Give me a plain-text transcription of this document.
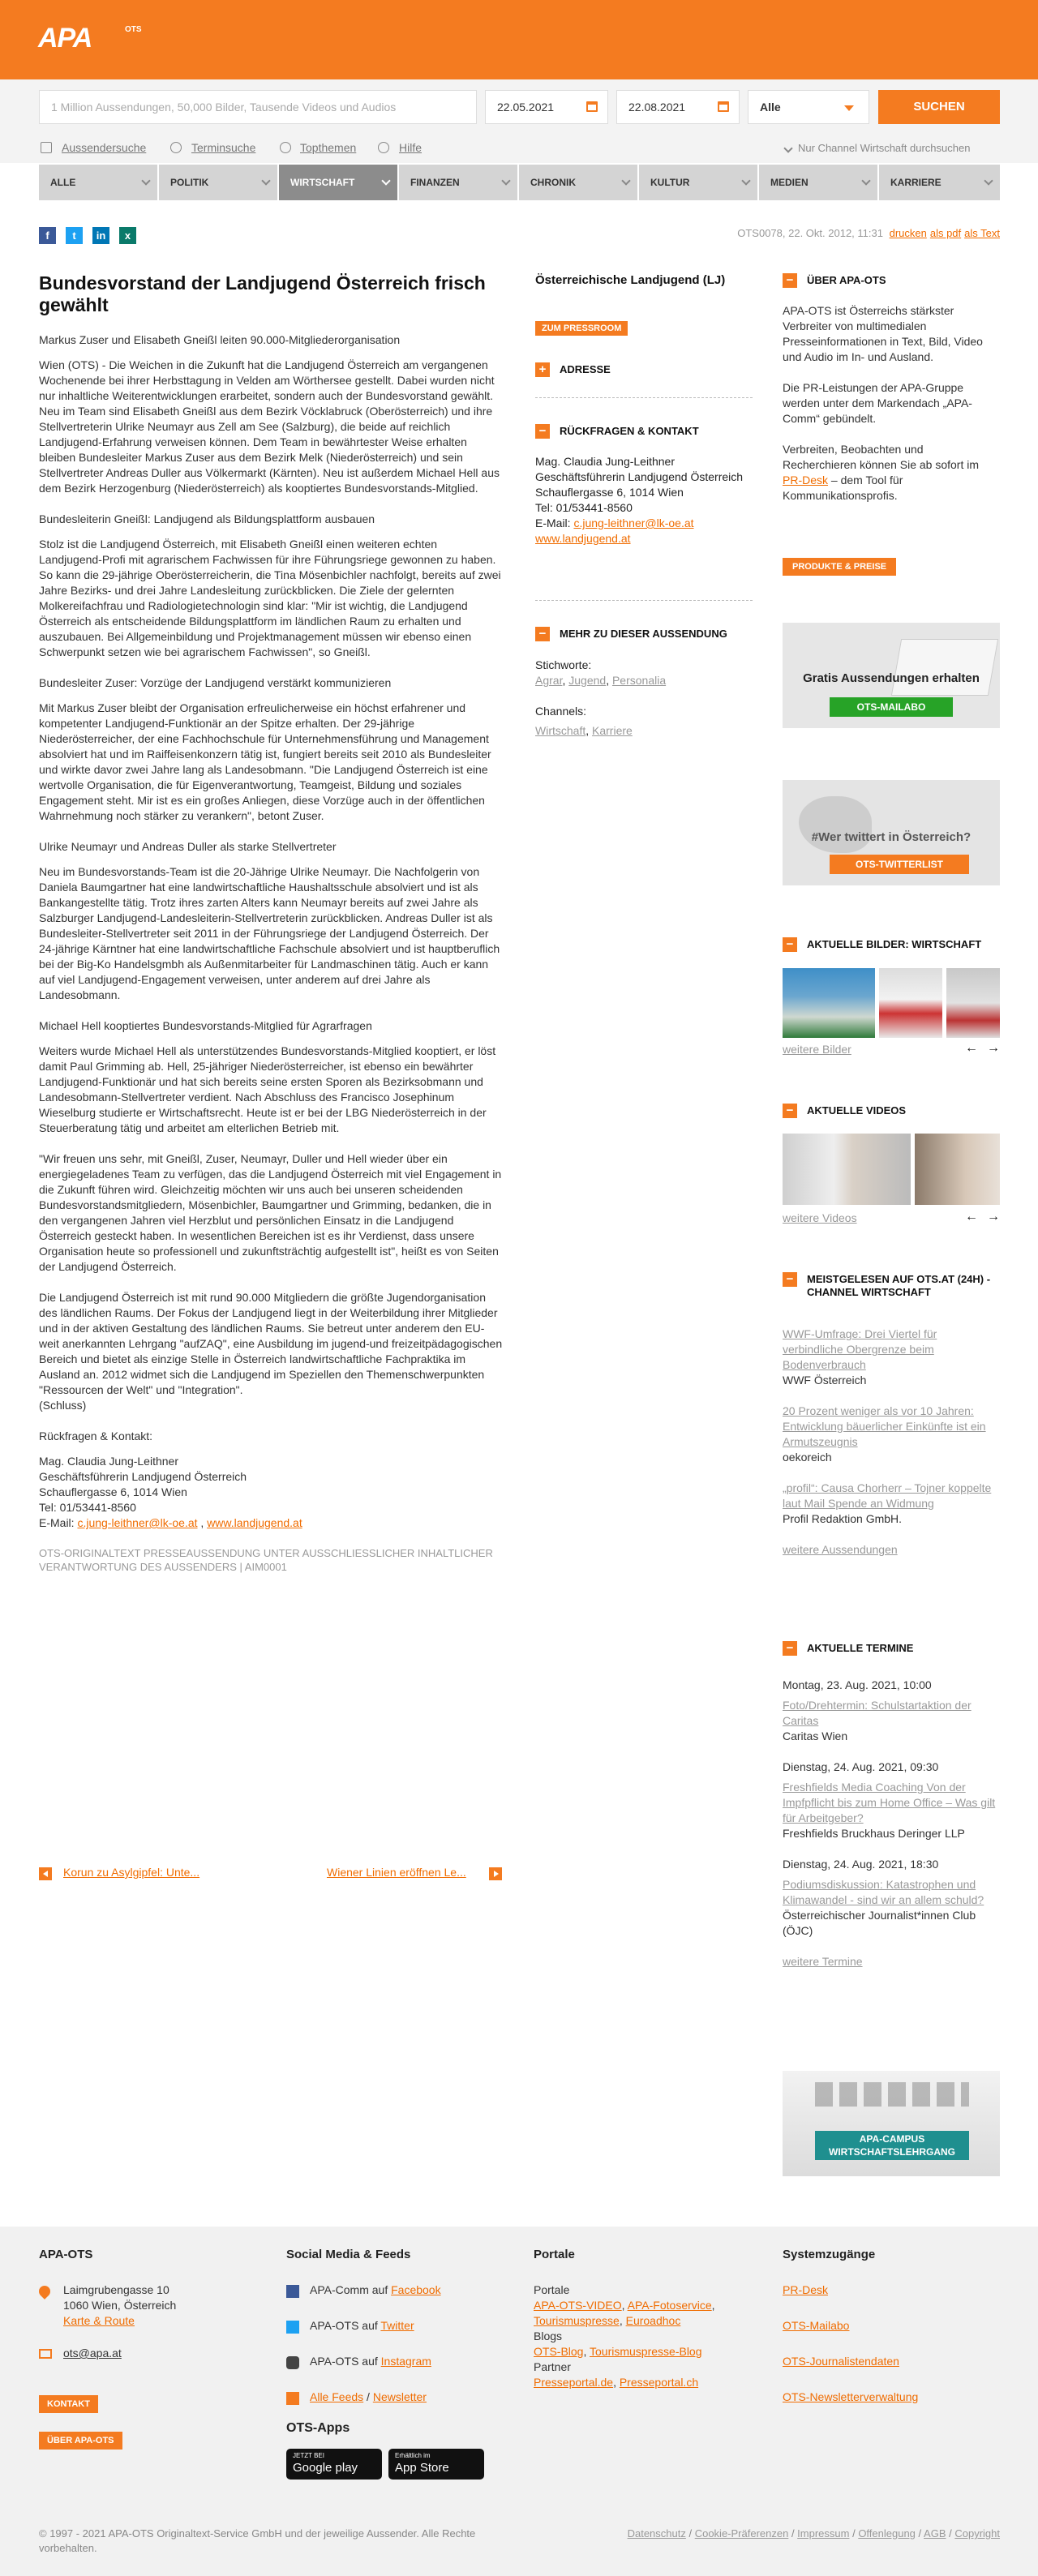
APA	OTS
1 Million Aussendungen, 50,000 Bilder, Tausende Videos und Audios	22.05.2021	22.08.2021	Alle	SUCHEN
Aussendersuche	Terminsuche	Topthemen	Hilfe	Nur Channel Wirtschaft durchsuchen
ALLE	POLITIK	WIRTSCHAFT	FINANZEN	CHRONIK	KULTUR	MEDIEN	KARRIERE
f	t	in	x	OTS0078, 22. Okt. 2012, 11:31 drucken als pdf als Text
Bundesvorstand der Landjugend Österreich frisch gewählt

Markus Zuser und Elisabeth Gneißl leiten 90.000-Mitgliederorganisation

Wien (OTS) - Die Weichen in die Zukunft hat die Landjugend Österreich am vergangenen Wochenende bei ihrer Herbsttagung in Velden am Wörthersee gestellt. Dabei wurden nicht nur inhaltliche Weiterentwicklungen erarbeitet, sondern auch der Bundesvorstand gewählt. Neu im Team sind Elisabeth Gneißl aus dem Bezirk Vöcklabruck (Oberösterreich) und ihre Stellvertreterin Ulrike Neumayr aus Zell am See (Salzburg), die beide auf reichlich Landjugend-Erfahrung verweisen können. Dem Team in bewährtester Weise erhalten bleiben Bundesleiter Markus Zuser aus dem Bezirk Melk (Niederösterreich) und sein Stellvertreter Andreas Duller aus Völkermarkt (Kärnten). Neu ist außerdem Michael Hell aus dem Bezirk Herzogenburg (Niederösterreich) als kooptiertes Bundesvorstands-Mitglied.

Bundesleiterin Gneißl: Landjugend als Bildungsplattform ausbauen

Stolz ist die Landjugend Österreich, mit Elisabeth Gneißl einen weiteren echten Landjugend-Profi mit agrarischem Fachwissen für ihre Führungsriege gewonnen zu haben. So kann die 29-jährige Oberösterreicherin, die Tina Mösenbichler nachfolgt, bereits auf zwei Jahre Bezirks- und drei Jahre Landesleitung zurückblicken. Die Ziele der gelernten Molkereifachfrau und Radiologietechnologin sind klar: "Mir ist wichtig, die Landjugend Österreich als entscheidende Bildungsplattform im ländlichen Raum zu erhalten und auszubauen. Bei Allgemeinbildung und Projektmanagement müssen wir ebenso einen Schwerpunkt setzen wie bei agrarischem Fachwissen", so Gneißl.

Bundesleiter Zuser: Vorzüge der Landjugend verstärkt kommunizieren

Mit Markus Zuser bleibt der Organisation erfreulicherweise ein höchst erfahrener und kompetenter Landjugend-Funktionär an der Spitze erhalten. Der 29-jährige Niederösterreicher, der eine Fachhochschule für Unternehmensführung und Management absolviert hat und im Raiffeisenkonzern tätig ist, fungiert bereits seit 2010 als Bundesleiter und wirkte davor zwei Jahre lang als Landesobmann. "Die Landjugend Österreich ist eine wertvolle Organisation, die für Eigenverantwortung, Teamgeist, Bildung und soziales Engagement steht. Mir ist es ein großes Anliegen, diese Vorzüge auch in der öffentlichen Wahrnehmung noch stärker zu verankern", betont Zuser.

Ulrike Neumayr und Andreas Duller als starke Stellvertreter

Neu im Bundesvorstands-Team ist die 20-Jährige Ulrike Neumayr. Die Nachfolgerin von Daniela Baumgartner hat eine landwirtschaftliche Haushaltsschule absolviert und ist als Bankangestellte tätig. Trotz ihres zarten Alters kann Neumayr bereits auf zwei Jahre als Salzburger Landjugend-Landesleiterin-Stellvertreterin zurückblicken. Andreas Duller ist als Bundesleiter-Stellvertreter seit 2011 in der Führungsriege der Landjugend Österreich. Der 24-jährige Kärntner hat eine landwirtschaftliche Fachschule absolviert und ist hauptberuflich bei der Big-Ko Handelsgmbh als Außenmitarbeiter für Landmaschinen tätig. Auch er kann auf viel Landjugend-Engagement verweisen, unter anderem auf drei Jahre als Landesobmann.

Michael Hell kooptiertes Bundesvorstands-Mitglied für Agrarfragen

Weiters wurde Michael Hell als unterstützendes Bundesvorstands-Mitglied kooptiert, er löst damit Paul Grimming ab. Hell, 25-jähriger Niederösterreicher, ist ebenso ein bewährter Landjugend-Funktionär und hat sich bereits seine ersten Sporen als Bezirksobmann und Landesobmann-Stellvertreter verdient. Nach Abschluss des Francisco Josephinum Wieselburg studierte er Wirtschaftsrecht. Heute ist er bei der LBG Niederösterreich in der Steuerberatung tätig und arbeitet am elterlichen Betrieb mit.

"Wir freuen uns sehr, mit Gneißl, Zuser, Neumayr, Duller und Hell wieder über ein energiegeladenes Team zu verfügen, das die Landjugend Österreich mit viel Engagement in die Zukunft führen wird. Gleichzeitig möchten wir uns auch bei unseren scheidenden Bundesvorstandsmitgliedern, Mösenbichler, Baumgartner und Grimming, bedanken, die in den vergangenen Jahren viel Herzblut und persönlichen Einsatz in die Landjugend Österreich gesteckt haben. In wesentlichen Bereichen ist es ihr Verdienst, dass unsere Organisation heute so professionell und zukunftsträchtig aufgestellt ist", heißt es von Seiten der Landjugend Österreich.

Die Landjugend Österreich ist mit rund 90.000 Mitgliedern die größte Jugendorganisation des ländlichen Raums. Der Fokus der Landjugend liegt in der Weiterbildung ihrer Mitglieder und in der aktiven Gestaltung des ländlichen Raums. Sie betreut unter anderem den EU-weit anerkannten Lehrgang "aufZAQ", eine Ausbildung im jugend-und freizeitpädagogischen Bereich und bietet als einzige Stelle in Österreich landwirtschaftliche Fachpraktika im Ausland an. 2012 widmet sich die Landjugend im Speziellen den Themenschwerpunkten "Ressourcen der Welt" und "Integration".

(Schluss)

Rückfragen & Kontakt:

Mag. Claudia Jung-Leithner
Geschäftsführerin Landjugend Österreich
Schauflergasse 6, 1014 Wien
Tel: 01/53441-8560
E-Mail: c.jung-leithner@lk-oe.at , www.landjugend.at

OTS-ORIGINALTEXT PRESSEAUSSENDUNG UNTER AUSSCHLIESSLICHER INHALTLICHER VERANTWORTUNG DES AUSSENDERS | AIM0001

Korun zu Asylgipfel: Unte...	Wiener Linien eröffnen Le...
Österreichische Landjugend (LJ)
ZUM PRESSROOM
+	ADRESSE
−	RÜCKFRAGEN & KONTAKT
Mag. Claudia Jung-Leithner
Geschäftsführerin Landjugend Österreich
Schauflergasse 6, 1014 Wien
Tel: 01/53441-8560
E-Mail: c.jung-leithner@lk-oe.at
www.landjugend.at
−	MEHR ZU DIESER AUSSENDUNG
Stichworte:
Agrar, Jugend, Personalia
Channels:
Wirtschaft, Karriere
−	ÜBER APA-OTS

APA-OTS ist Österreichs stärkster Verbreiter von multimedialen Presseinformationen in Text, Bild, Video und Audio im In- und Ausland.

Die PR-Leistungen der APA-Gruppe werden unter dem Markendach „APA-Comm“ gebündelt.

Verbreiten, Beobachten und Recherchieren können Sie ab sofort im PR-Desk – dem Tool für Kommunikationsprofis.

PRODUKTE & PREISE
Gratis Aussendungen erhalten
OTS-MAILABO
#Wer twittert in Österreich?
OTS-TWITTERLIST
−	AKTUELLE BILDER: WIRTSCHAFT
weitere Bilder	← →
−	AKTUELLE VIDEOS
weitere Videos	← →
−	MEISTGELESEN AUF OTS.AT (24H) - CHANNEL WIRTSCHAFT
WWF-Umfrage: Drei Viertel für verbindliche Obergrenze beim Bodenverbrauch
WWF Österreich
20 Prozent weniger als vor 10 Jahren: Entwicklung bäuerlicher Einkünfte ist ein Armutszeugnis
oekoreich
„profil“: Causa Chorherr – Tojner koppelte laut Mail Spende an Widmung
Profil Redaktion GmbH.
weitere Aussendungen
−	AKTUELLE TERMINE
Montag, 23. Aug. 2021, 10:00
Foto/Drehtermin: Schulstartaktion der Caritas
Caritas Wien
Dienstag, 24. Aug. 2021, 09:30
Freshfields Media Coaching Von der Impfpflicht bis zum Home Office – Was gilt für Arbeitgeber?
Freshfields Bruckhaus Deringer LLP
Dienstag, 24. Aug. 2021, 18:30
Podiumsdiskussion: Katastrophen und Klimawandel - sind wir an allem schuld?
Österreichischer Journalist*innen Club (ÖJC)
weitere Termine
APA-CAMPUS WIRTSCHAFTSLEHRGANG
APA-OTS
Laimgrubengasse 10
1060 Wien, Österreich
Karte & Route
ots@apa.at
KONTAKT
ÜBER APA-OTS
Social Media & Feeds
APA-Comm auf Facebook
APA-OTS auf Twitter
APA-OTS auf Instagram
Alle Feeds / Newsletter
OTS-Apps
JETZT BEI
Google play
Erhältlich im
App Store
Portale
Portale
APA-OTS-VIDEO, APA-Fotoservice,
Tourismuspresse, Euroadhoc
Blogs
OTS-Blog, Tourismuspresse-Blog
Partner
Presseportal.de, Presseportal.ch
Systemzugänge
PR-Desk
OTS-Mailabo
OTS-Journalistendaten
OTS-Newsletterverwaltung
© 1997 - 2021 APA-OTS Originaltext-Service GmbH und der jeweilige Aussender. Alle Rechte vorbehalten.
Datenschutz / Cookie-Präferenzen / Impressum / Offenlegung / AGB / Copyright
